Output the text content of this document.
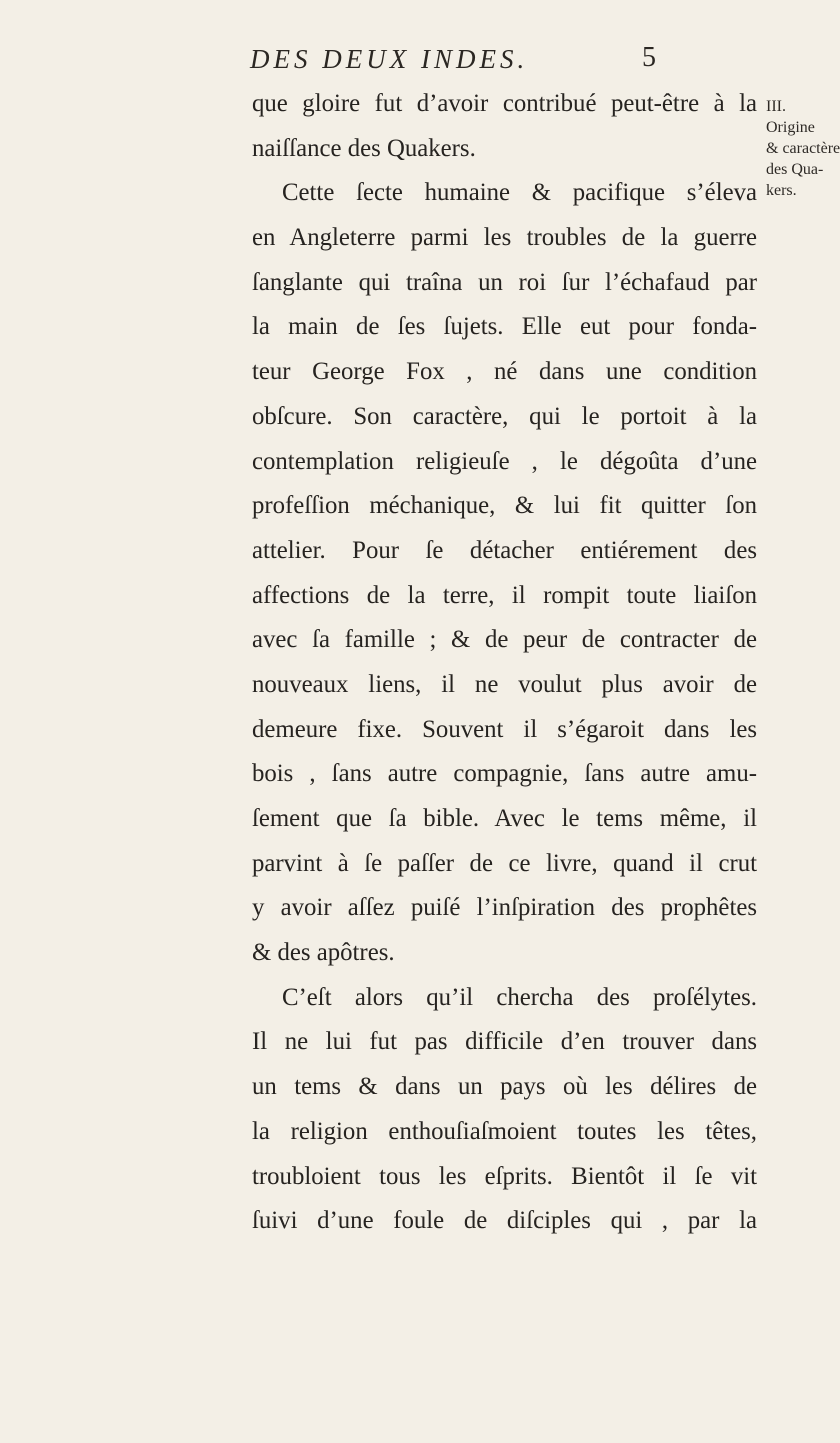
DES DEUX INDES.	5
que gloire fut d’avoir contribué peut-être à la
naiſſance des Quakers.
Cette ſecte humaine & pacifique s’éleva
en Angleterre parmi les troubles de la guerre
ſanglante qui traîna un roi ſur l’échafaud par
la main de ſes ſujets. Elle eut pour fonda-
teur George Fox , né dans une condition
obſcure. Son caractère, qui le portoit à la
contemplation religieuſe , le dégoûta d’une
profeſſion méchanique, & lui fit quitter ſon
attelier. Pour ſe détacher entiérement des
affections de la terre, il rompit toute liaiſon
avec ſa famille ; & de peur de contracter de
nouveaux liens, il ne voulut plus avoir de
demeure fixe. Souvent il s’égaroit dans les
bois , ſans autre compagnie, ſans autre amu-
ſement que ſa bible. Avec le tems même, il
parvint à ſe paſſer de ce livre, quand il crut
y avoir aſſez puiſé l’inſpiration des prophêtes
& des apôtres.
C’eſt alors qu’il chercha des proſélytes.
Il ne lui fut pas difficile d’en trouver dans
un tems & dans un pays où les délires de
la religion enthouſiaſmoient toutes les têtes,
troubloient tous les eſprits. Bientôt il ſe vit
ſuivi d’une foule de diſciples qui , par la
III.
Origine
& caractère
des Qua-
kers.
